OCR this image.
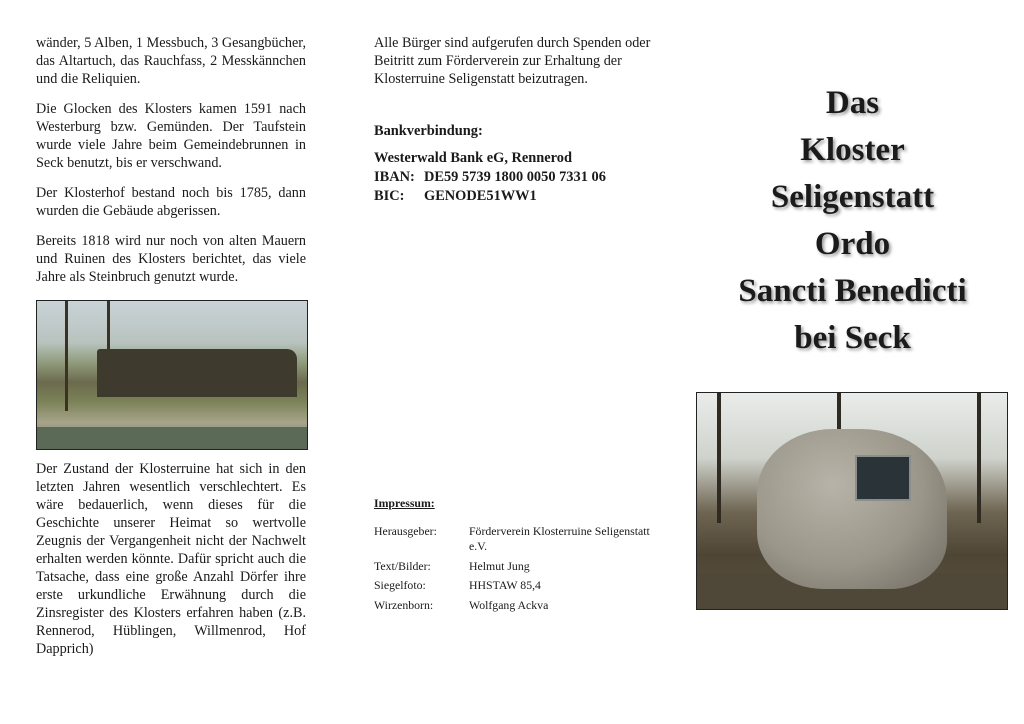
wänder, 5 Alben, 1 Messbuch, 3 Gesangbücher, das Altartuch, das Rauchfass, 2 Messkännchen und die Reliquien.

Die Glocken des Klosters kamen 1591 nach Westerburg bzw. Gemünden. Der Taufstein wurde viele Jahre beim Gemeindebrunnen in Seck benutzt, bis er verschwand.

Der Klosterhof bestand noch bis 1785, dann wurden die Gebäude abgerissen.

Bereits 1818 wird nur noch von alten Mauern und Ruinen des Klosters berichtet, das viele Jahre als Steinbruch genutzt wurde.

Der Zustand der Klosterruine hat sich in den letzten Jahren wesentlich verschlechtert. Es wäre bedauerlich, wenn dieses für die Geschichte unserer Heimat so wertvolle Zeugnis der Vergangenheit nicht der Nachwelt erhalten werden könnte. Dafür spricht auch die Tatsache, dass eine große Anzahl Dörfer ihre erste urkundliche Erwähnung durch die Zinsregister des Klosters erfahren haben (z.B. Rennerod, Hüblingen, Willmenrod, Hof Dapprich)

Alle Bürger sind aufgerufen durch Spenden oder Beitritt zum Förderverein zur Erhaltung der Klosterruine Seligenstatt beizutragen.

Bankverbindung:
Westerwald Bank eG, Rennerod
IBAN: DE59 5739 1800 0050 7331 06
BIC:	GENODE51WW1
Impressum:
Herausgeber:	Förderverein Klosterruine Seligenstatt e.V.
Text/Bilder:	Helmut Jung
Siegelfoto:	HHSTAW 85,4
Wirzenborn:	Wolfgang Ackva
Das
Kloster
Seligenstatt
Ordo
Sancti Benedicti
bei Seck
